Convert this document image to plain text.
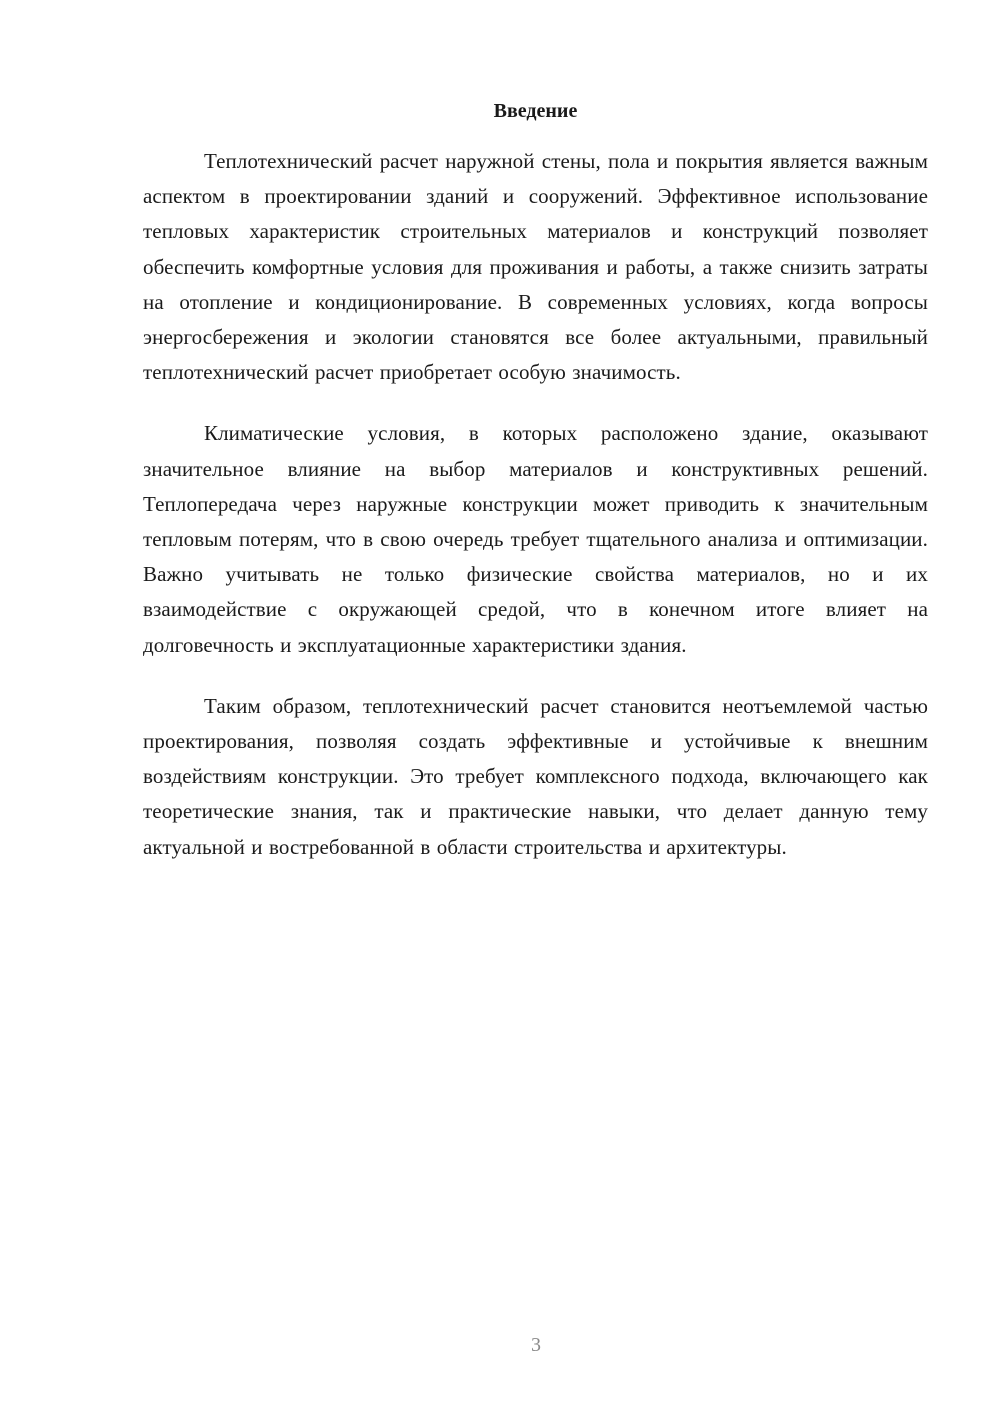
Введение

Теплотехнический расчет наружной стены, пола и покрытия является важным аспектом в проектировании зданий и сооружений. Эффективное использование тепловых характеристик строительных материалов и конструкций позволяет обеспечить комфортные условия для проживания и работы, а также снизить затраты на отопление и кондиционирование. В современных условиях, когда вопросы энергосбережения и экологии становятся все более актуальными, правильный теплотехнический расчет приобретает особую значимость.

Климатические условия, в которых расположено здание, оказывают значительное влияние на выбор материалов и конструктивных решений. Теплопередача через наружные конструкции может приводить к значительным тепловым потерям, что в свою очередь требует тщательного анализа и оптимизации. Важно учитывать не только физические свойства материалов, но и их взаимодействие с окружающей средой, что в конечном итоге влияет на долговечность и эксплуатационные характеристики здания.

Таким образом, теплотехнический расчет становится неотъемлемой частью проектирования, позволяя создать эффективные и устойчивые к внешним воздействиям конструкции. Это требует комплексного подхода, включающего как теоретические знания, так и практические навыки, что делает данную тему актуальной и востребованной в области строительства и архитектуры.

3
